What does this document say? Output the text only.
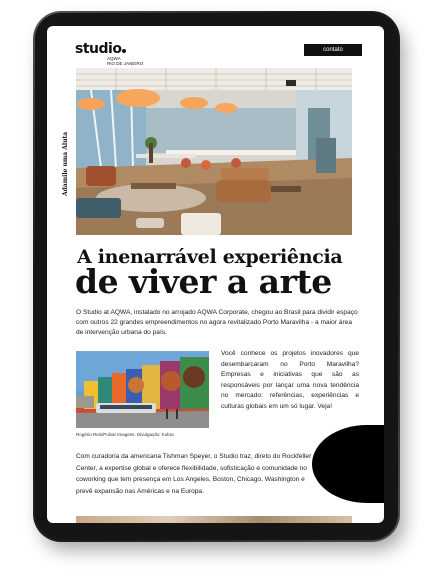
studio
AQWA
RIO DE JANEIRO
contato
Adamile uma Aluta
A inenarrável experiência
de viver a arte
O Studio at AQWA, instalado no arrojado AQWA Corporate, chegou ao Brasil para dividir espaço com outros 22 grandes empreendimentos no agora revitalizado Porto Maravilha - a maior área de intervenção urbana do país.
Rogério Reis/Pulsar Imagens. Divulgação: Kobra
Você conhece os projetos inovadores que desembarcaram no Porto Maravilha? Empresas e iniciativas que são as responsáveis por lançar uma nova tendência no mercado: referências, experiências e culturas globais em um só lugar. Veja!
Com curadoria da americana Tishman Speyer, o Studio traz, direto do Rockfeller Center, a expertise global e oferece flexibilidade, sofisticação e comunidade no coworking que tem presença em Los Angeles, Boston, Chicago, Washington e prevê expansão nas Américas e na Europa.
